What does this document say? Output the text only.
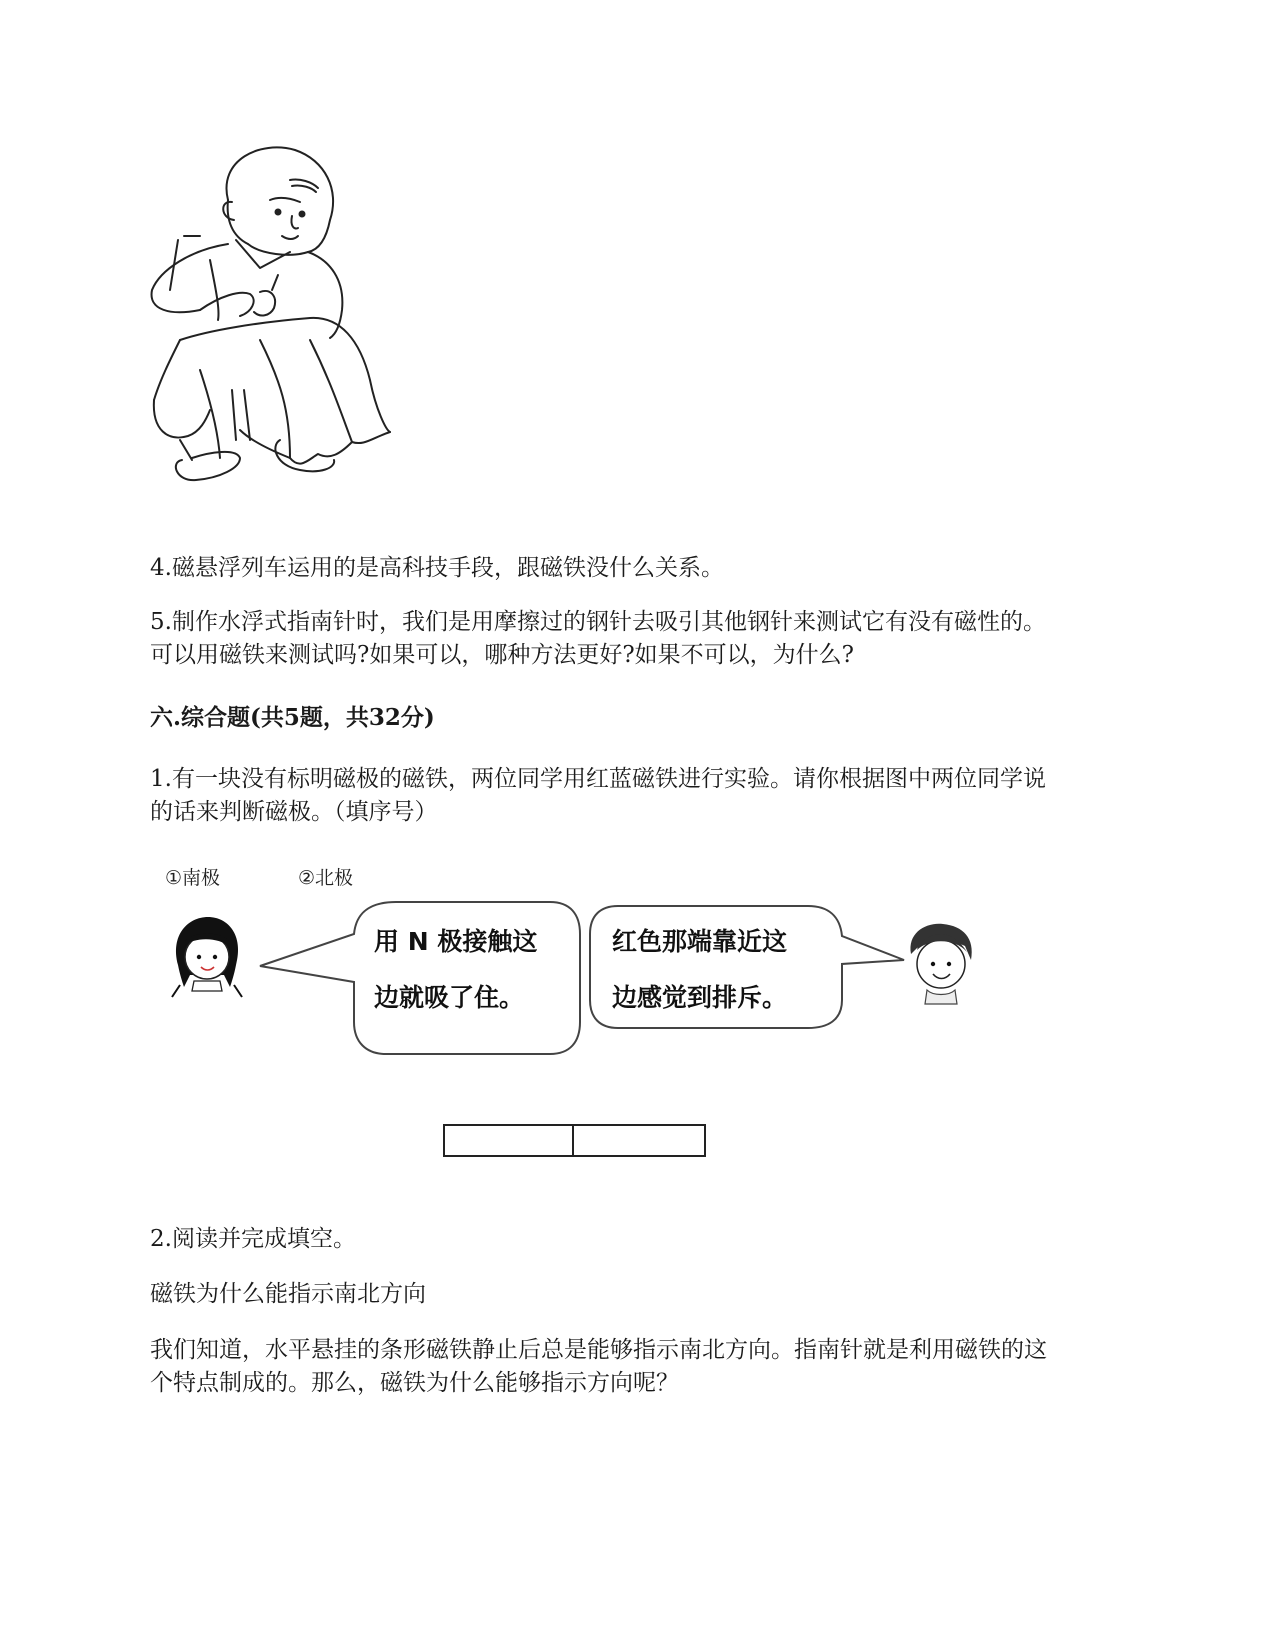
4.磁悬浮列车运用的是高科技手段，跟磁铁没什么关系。

5.制作水浮式指南针时，我们是用摩擦过的钢针去吸引其他钢针来测试它有没有磁性的。

可以用磁铁来测试吗?如果可以，哪种方法更好?如果不可以，为什么?

六.综合题(共5题，共32分)

1.有一块没有标明磁极的磁铁，两位同学用红蓝磁铁进行实验。请你根据图中两位同学说

的话来判断磁极。（填序号）

①南极	②北极
用 N 极接触这
边就吸了住。
红色那端靠近这
边感觉到排斥。

2.阅读并完成填空。

磁铁为什么能指示南北方向

我们知道，水平悬挂的条形磁铁静止后总是能够指示南北方向。指南针就是利用磁铁的这

个特点制成的。那么，磁铁为什么能够指示方向呢？
